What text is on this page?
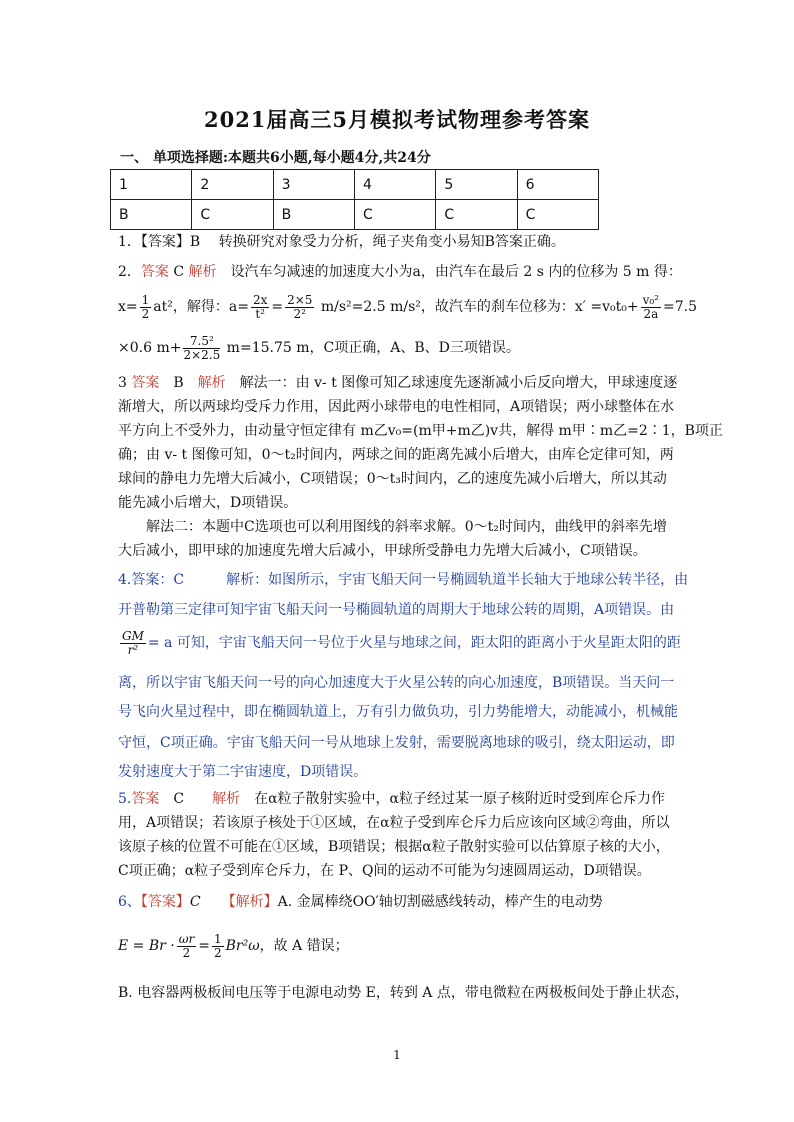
2021届高三5月模拟考试物理参考答案
一、 单项选择题:本题共6小题,每小题4分,共24分
1	2	3	4	5	6
B	C	B	C	C	C
1．【答案】B　 转换研究对象受力分析，绳子夹角变小易知B答案正确。
2．答案 C 解析　设汽车匀减速的加速度大小为a，由汽车在最后 2 s 内的位移为 5 m 得：
$x= \frac{1}{2} at^2$，解得：$a= \frac{2x}{\text{t²}} = \frac{2\times 5}{\text{2²}} m/s^2=2.5$ m/s²，故汽车的刹车位移为：$x' =v_0t_0+ \frac{\text{v₀²}}{2a} =7.5$
×0.6 $m+ \frac{\text{7.5²}}{2\times 2.5} m=15.75$ m，C项正确，A、B、D三项错误。
3 答案　B　解析　解法一：由 v- t 图像可知乙球速度先逐渐减小后反向增大，甲球速度逐
渐增大，所以两球均受斥力作用，因此两小球带电的电性相同，A项错误；两小球整体在水
平方向上不受外力，由动量守恒定律有 m乙v₀=(m甲+m乙)v共，解得 m甲∶m乙=2∶1，B项正
确；由 v- t 图像可知，0～t₂时间内，两球之间的距离先减小后增大，由库仑定律可知，两
球间的静电力先增大后减小，C项错误；0～t₃时间内，乙的速度先减小后增大，所以其动
能先减小后增大，D项错误。
　　解法二：本题中C选项也可以利用图线的斜率求解。0～t₂时间内，曲线甲的斜率先增
大后减小，即甲球的加速度先增大后减小，甲球所受静电力先增大后减小，C项错误。
4.答案：C　　　解析：如图所示，宇宙飞船天问一号椭圆轨道半长轴大于地球公转半径，由
开普勒第三定律可知宇宙飞船天问一号椭圆轨道的周期大于地球公转的周期，A项错误。由
$\frac{GM}{\text{r²}} = a$ 可知，宇宙飞船天问一号位于火星与地球之间，距太阳的距离小于火星距太阳的距
离，所以宇宙飞船天问一号的向心加速度大于火星公转的向心加速度，B项错误。当天问一
号飞向火星过程中，即在椭圆轨道上，万有引力做负功，引力势能增大，动能减小，机械能
守恒，C项正确。宇宙飞船天问一号从地球上发射，需要脱离地球的吸引，绕太阳运动，即
发射速度大于第二宇宙速度，D项错误。
5.答案　C　　解析　在α粒子散射实验中，α粒子经过某一原子核附近时受到库仑斥力作
用，A项错误；若该原子核处于①区域，在α粒子受到库仑斥力后应该向区域②弯曲，所以
该原子核的位置不可能在①区域，B项错误；根据α粒子散射实验可以估算原子核的大小，
C项正确；α粒子受到库仑斥力，在 P、Q间的运动不可能为匀速圆周运动，D项错误。
6、【答案】C　　 【解析】A. 金属棒绕OO′轴切割磁感线转动，棒产生的电动势
$E = Br \cdot \frac{\omega r}{2} = \frac{1}{2} Br^2\omega$，故 A 错误；
B. 电容器两极板间电压等于电源电动势 E，转到 A 点，带电微粒在两极板间处于静止状态，
1
